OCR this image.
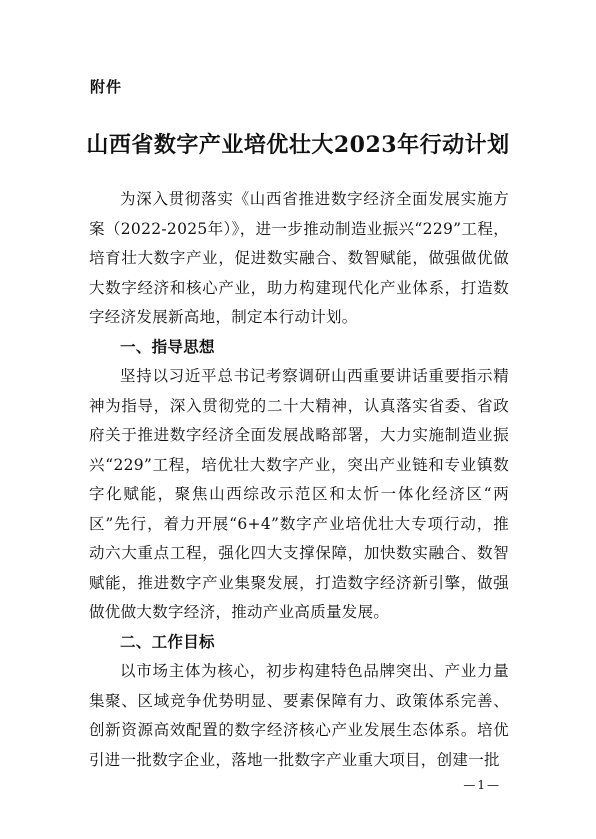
附件
山西省数字产业培优壮大2023年行动计划

为深入贯彻落实《山西省推进数字经济全面发展实施方案（2022-2025年）》，进一步推动制造业振兴“229”工程，培育壮大数字产业，促进数实融合、数智赋能，做强做优做大数字经济和核心产业，助力构建现代化产业体系，打造数字经济发展新高地，制定本行动计划。

一、指导思想

坚持以习近平总书记考察调研山西重要讲话重要指示精神为指导，深入贯彻党的二十大精神，认真落实省委、省政府关于推进数字经济全面发展战略部署，大力实施制造业振兴“229”工程，培优壮大数字产业，突出产业链和专业镇数字化赋能，聚焦山西综改示范区和太忻一体化经济区“两区”先行，着力开展“6+4”数字产业培优壮大专项行动，推动六大重点工程，强化四大支撑保障，加快数实融合、数智赋能，推进数字产业集聚发展，打造数字经济新引擎，做强做优做大数字经济，推动产业高质量发展。

二、工作目标

以市场主体为核心，初步构建特色品牌突出、产业力量集聚、区域竞争优势明显、要素保障有力、政策体系完善、创新资源高效配置的数字经济核心产业发展生态体系。培优引进一批数字企业，落地一批数字产业重大项目，创建一批

—1—
